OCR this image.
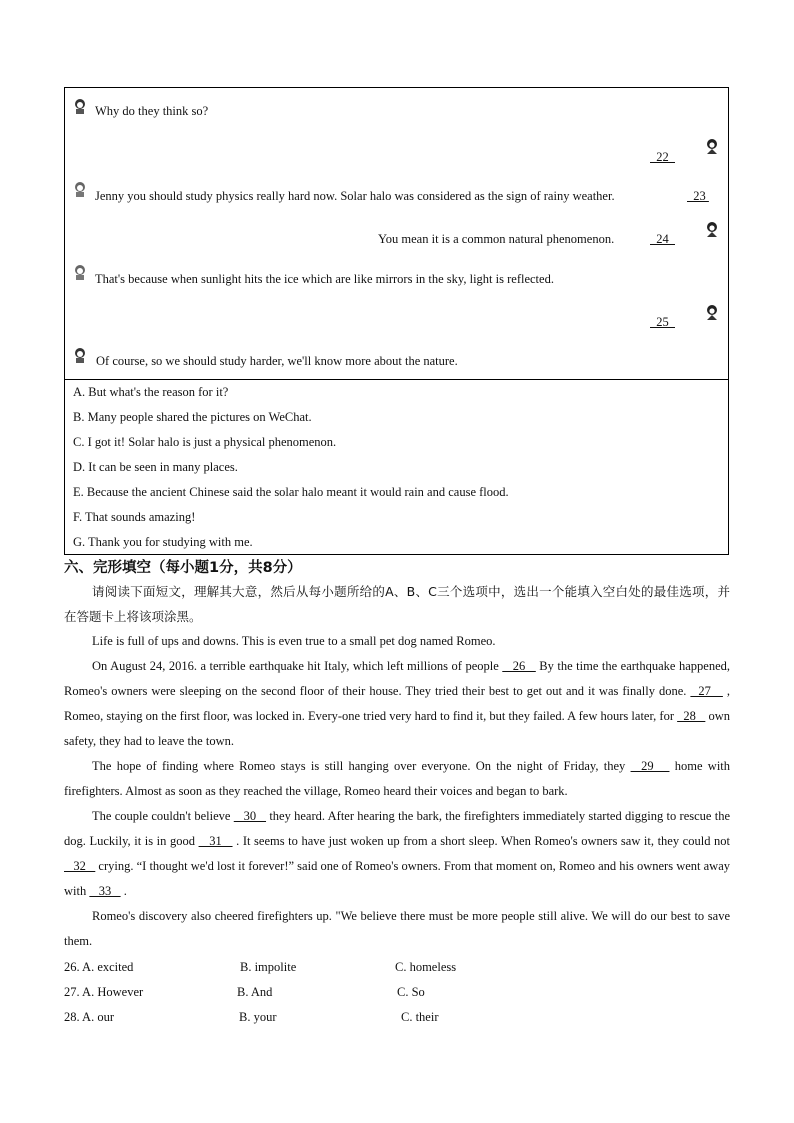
Why do they think so?
22
Jenny you should study physics really hard now. Solar halo was considered as the sign of rainy weather.	23
You mean it is a common natural phenomenon.	24
That's because when sunlight hits the ice which are like mirrors in the sky, light is reflected.
25
Of course, so we should study harder, we'll know more about the nature.
A. But what's the reason for it?
B. Many people shared the pictures on WeChat.
C. I got it! Solar halo is just a physical phenomenon.
D. It can be seen in many places.
E. Because the ancient Chinese said the solar halo meant it would rain and cause flood.
F. That sounds amazing!
G. Thank you for studying with me.
六、完形填空（每小题1分，共8分）

请阅读下面短文，理解其大意，然后从每小题所给的A、B、C三个选项中，选出一个能填入空白处的最佳选项，并在答题卡上将该项涂黑。

Life is full of ups and downs. This is even true to a small pet dog named Romeo.

On August 24, 2016. a terrible earthquake hit Italy, which left millions of people    26    By the time the earthquake happened, Romeo's owners were sleeping on the second floor of their house. They tried their best to get out and it was finally done.   27    , Romeo, staying on the first floor, was locked in. Every-one tried very hard to find it, but they failed. A few hours later, for   28    own safety, they had to leave the town.

The hope of finding where Romeo stays is still hanging over everyone. On the night of Friday, they   29    home with firefighters. Almost as soon as they reached the village, Romeo heard their voices and began to bark.

The couple couldn't believe    30    they heard. After hearing the bark, the firefighters immediately started digging to rescue the dog. Luckily, it is in good    31    . It seems to have just woken up from a short sleep. When Romeo's owners saw it, they could not    32    crying. “I thought we'd lost it forever!” said one of Romeo's owners. From that moment on, Romeo and his owners went away with    33    .

Romeo's discovery also cheered firefighters up. "We believe there must be more people still alive. We will do our best to save them.

26. A. excited	B. impolite	C. homeless
27. A. However	B. And	C. So
28. A. our	B. your	C. their
